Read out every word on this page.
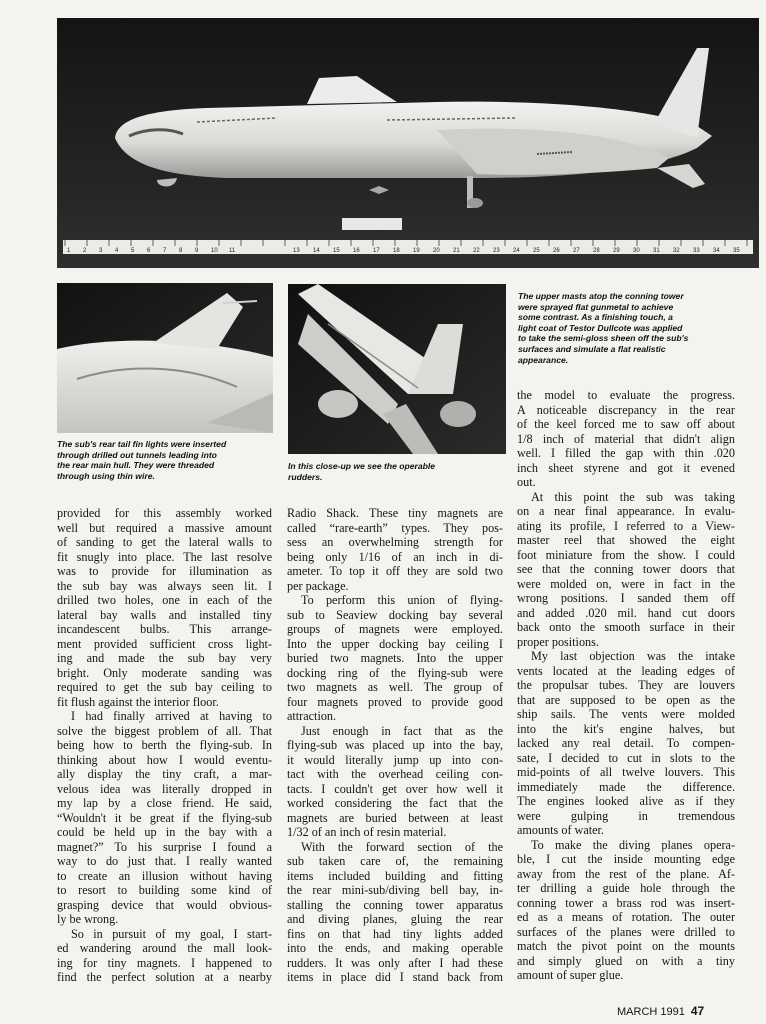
1 2 3 4 5 6 7 8 9 10 11	13 14 15 16 17 18 19 20 21 22 23 24 25 26 27 28 29 30 31 32 33 34 35

The upper masts atop the conning tower
were sprayed flat gunmetal to achieve
some contrast. As a finishing touch, a
light coat of Testor Dullcote was applied
to take the semi-gloss sheen off the sub's
surfaces and simulate a flat realistic
appearance.

The sub's rear tail fin lights were inserted
through drilled out tunnels leading into
the rear main hull. They were threaded
through using thin wire.

In this close-up we see the operable
rudders.

provided for this assembly worked
well but required a massive amount
of sanding to get the lateral walls to
fit snugly into place. The last resolve
was to provide for illumination as
the sub bay was always seen lit. I
drilled two holes, one in each of the
lateral bay walls and installed tiny
incandescent bulbs. This arrange-
ment provided sufficient cross light-
ing and made the sub bay very
bright. Only moderate sanding was
required to get the sub bay ceiling to
fit flush against the interior floor.

I had finally arrived at having to
solve the biggest problem of all. That
being how to berth the flying-sub. In
thinking about how I would eventu-
ally display the tiny craft, a mar-
velous idea was literally dropped in
my lap by a close friend. He said,
“Wouldn't it be great if the flying-sub
could be held up in the bay with a
magnet?” To his surprise I found a
way to do just that. I really wanted
to create an illusion without having
to resort to building some kind of
grasping device that would obvious-
ly be wrong.

So in pursuit of my goal, I start-
ed wandering around the mall look-
ing for tiny magnets. I happened to
find the perfect solution at a nearby

Radio Shack. These tiny magnets are
called “rare-earth” types. They pos-
sess an overwhelming strength for
being only 1/16 of an inch in di-
ameter. To top it off they are sold two
per package.

To perform this union of flying-
sub to Seaview docking bay several
groups of magnets were employed.
Into the upper docking bay ceiling I
buried two magnets. Into the upper
docking ring of the flying-sub were
two magnets as well. The group of
four magnets proved to provide good
attraction.

Just enough in fact that as the
flying-sub was placed up into the bay,
it would literally jump up into con-
tact with the overhead ceiling con-
tacts. I couldn't get over how well it
worked considering the fact that the
magnets are buried between at least
1/32 of an inch of resin material.

With the forward section of the
sub taken care of, the remaining
items included building and fitting
the rear mini-sub/diving bell bay, in-
stalling the conning tower apparatus
and diving planes, gluing the rear
fins on that had tiny lights added
into the ends, and making operable
rudders. It was only after I had these
items in place did I stand back from

the model to evaluate the progress.
A noticeable discrepancy in the rear
of the keel forced me to saw off about
1/8 inch of material that didn't align
well. I filled the gap with thin .020
inch sheet styrene and got it evened
out.

At this point the sub was taking
on a near final appearance. In evalu-
ating its profile, I referred to a View-
master reel that showed the eight
foot miniature from the show. I could
see that the conning tower doors that
were molded on, were in fact in the
wrong positions. I sanded them off
and added .020 mil. hand cut doors
back onto the smooth surface in their
proper positions.

My last objection was the intake
vents located at the leading edges of
the propulsar tubes. They are louvers
that are supposed to be open as the
ship sails. The vents were molded
into the kit's engine halves, but
lacked any real detail. To compen-
sate, I decided to cut in slots to the
mid-points of all twelve louvers. This
immediately made the difference.
The engines looked alive as if they
were gulping in tremendous
amounts of water.

To make the diving planes opera-
ble, I cut the inside mounting edge
away from the rest of the plane. Af-
ter drilling a guide hole through the
conning tower a brass rod was insert-
ed as a means of rotation. The outer
surfaces of the planes were drilled to
match the pivot point on the mounts
and simply glued on with a tiny
amount of super glue.

MARCH 1991 47
